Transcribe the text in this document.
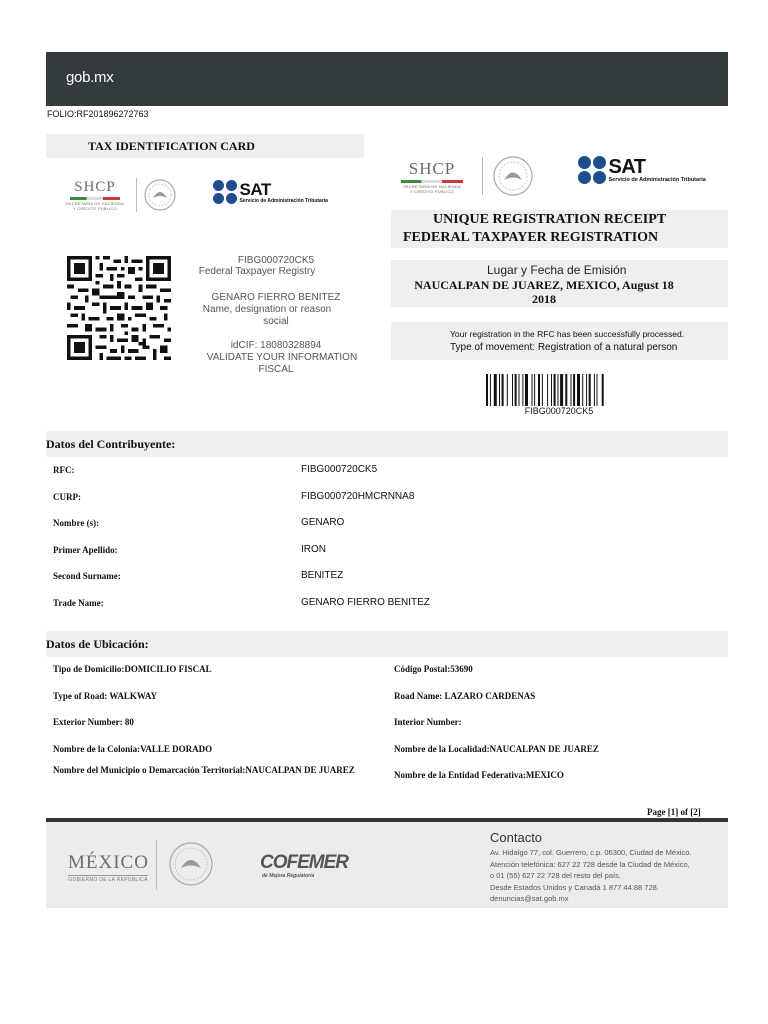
gob.mx
FOLIO:RF201896272763
TAX IDENTIFICATION CARD
SHCP
SECRETARÍA DE HACIENDA
Y CRÉDITO PÚBLICO
SAT
Servicio de Administración Tributaria
FIBG000720CK5
Federal Taxpayer Registry
GENARO FIERRO BENITEZ
Name, designation or reason
social
idCIF: 18080328894
VALIDATE YOUR INFORMATION
FISCAL
SHCP
SECRETARÍA DE HACIENDA
Y CRÉDITO PÚBLICO
SAT
Servicio de Administración Tributaria
UNIQUE REGISTRATION RECEIPT
FEDERAL TAXPAYER REGISTRATION
Lugar y Fecha de Emisión
NAUCALPAN DE JUAREZ, MEXICO, August 18
2018
Your registration in the RFC has been successfully processed.
Type of movement: Registration of a natural person
FIBG000720CK5
Datos del Contribuyente:
RFC:	FIBG000720CK5
CURP:	FIBG000720HMCRNNA8
Nombre (s):	GENARO
Primer Apellido:	IRON
Second Surname:	BENITEZ
Trade Name:	GENARO FIERRO BENITEZ
Datos de Ubicación:
Tipo de Domicilio:DOMICILIO FISCAL
Type of Road: WALKWAY
Exterior Number: 80
Nombre de la Colonia:VALLE DORADO
Nombre del Municipio o Demarcación Territorial:NAUCALPAN DE JUAREZ
Código Postal:53690
Road Name: LAZARO CARDENAS
Interior Number:
Nombre de la Localidad:NAUCALPAN DE JUAREZ
Nombre de la Entidad Federativa:MEXICO
Page [1] of [2]
MÉXICO
GOBIERNO DE LA REPÚBLICA
COFEMER
de Mejora Regulatoria
Contacto
Av. Hidalgo 77, col. Guerrero, c.p. 06300, Ciudad de México.
Atención telefónica: 627 22 728 desde la Ciudad de México,
o 01 (55) 627 22 728 del resto del país.
Desde Estados Unidos y Canadá 1 877 44 88 728.
denuncias@sat.gob.mx
